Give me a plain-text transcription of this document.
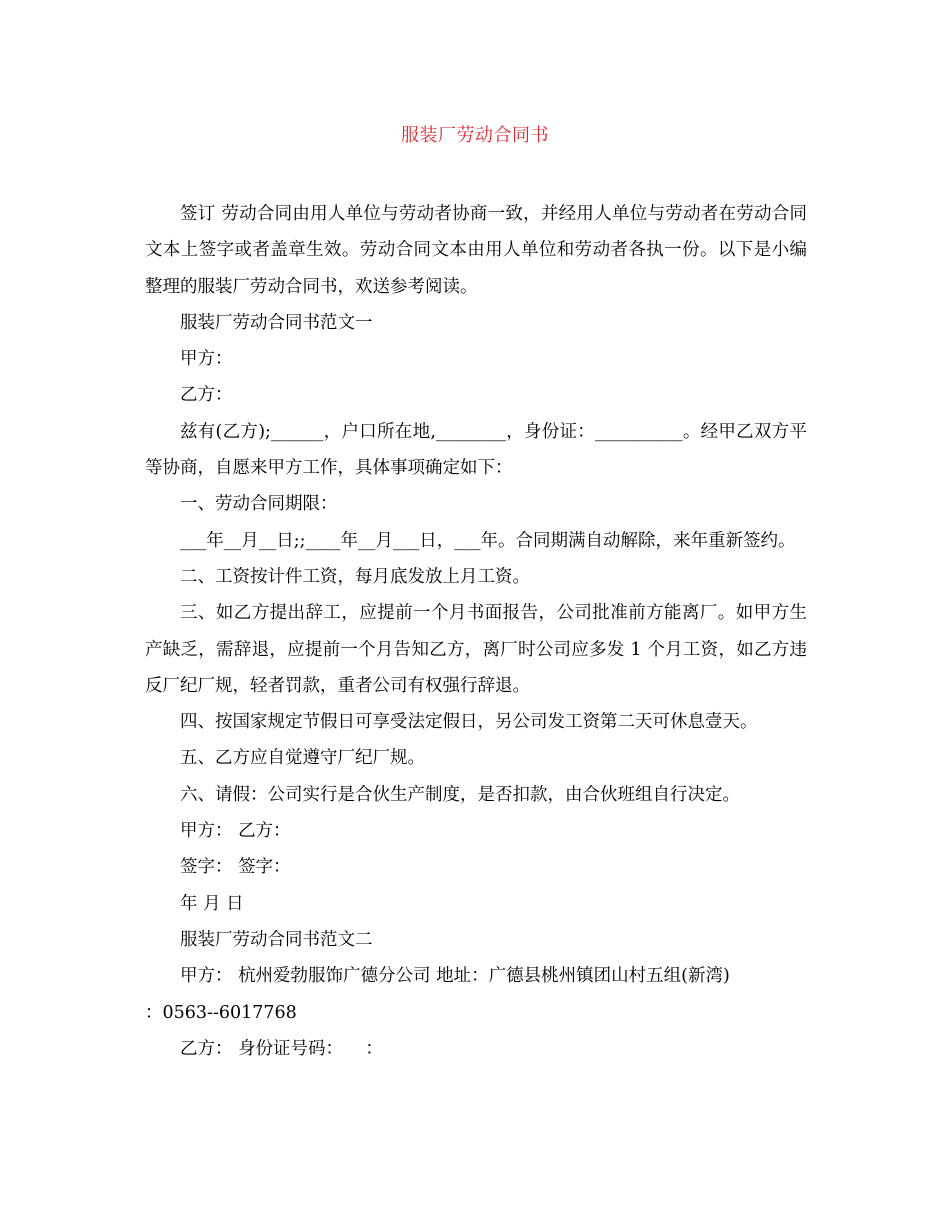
服装厂劳动合同书

签订 劳动合同由用人单位与劳动者协商一致，并经用人单位与劳动者在劳动合同文本上签字或者盖章生效。劳动合同文本由用人单位和劳动者各执一份。以下是小编整理的服装厂劳动合同书，欢送参考阅读。

服装厂劳动合同书范文一

甲方：

乙方：

兹有(乙方);______，户口所在地,________，身份证：__________。经甲乙双方平等协商，自愿来甲方工作，具体事项确定如下：

一、劳动合同期限：

___年__月__日;;____年__月___日，___年。合同期满自动解除，来年重新签约。

二、工资按计件工资，每月底发放上月工资。

三、如乙方提出辞工，应提前一个月书面报告，公司批准前方能离厂。如甲方生产缺乏，需辞退，应提前一个月告知乙方，离厂时公司应多发 1 个月工资，如乙方违反厂纪厂规，轻者罚款，重者公司有权强行辞退。

四、按国家规定节假日可享受法定假日，另公司发工资第二天可休息壹天。

五、乙方应自觉遵守厂纪厂规。

六、请假：公司实行是合伙生产制度，是否扣款，由合伙班组自行决定。

甲方： 乙方：

签字： 签字：

年 月 日

服装厂劳动合同书范文二

甲方： 杭州爱勃服饰广德分公司 地址：广德县桃州镇团山村五组(新湾)

：0563--6017768

乙方： 身份证号码：    ：
